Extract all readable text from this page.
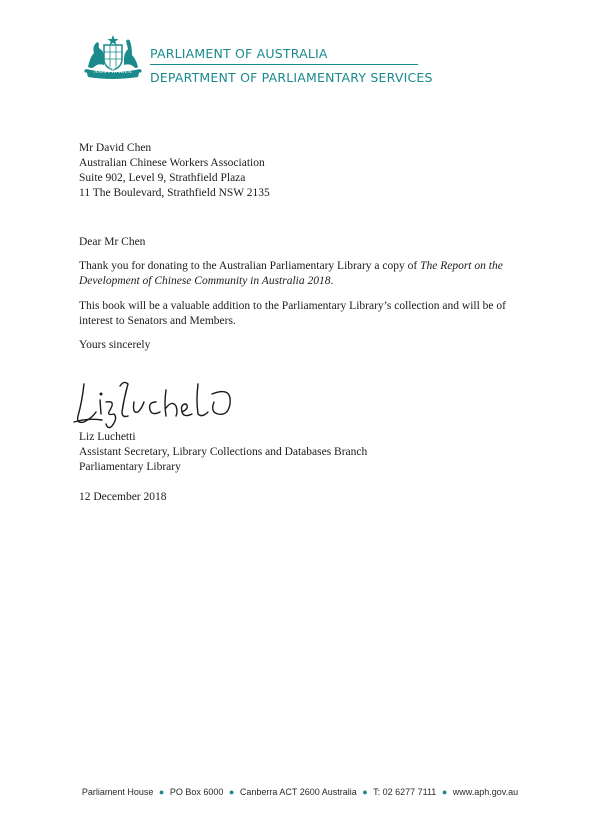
AUSTRALIA
PARLIAMENT OF AUSTRALIA
DEPARTMENT OF PARLIAMENTARY SERVICES
Mr David Chen
Australian Chinese Workers Association
Suite 902, Level 9, Strathfield Plaza
11 The Boulevard, Strathfield NSW 2135
Dear Mr Chen
Thank you for donating to the Australian Parliamentary Library a copy of The Report on the Development of Chinese Community in Australia 2018.
This book will be a valuable addition to the Parliamentary Library’s collection and will be of interest to Senators and Members.
Yours sincerely
Liz Luchetti
Assistant Secretary, Library Collections and Databases Branch
Parliamentary Library
12 December 2018
Parliament House ● PO Box 6000 ● Canberra ACT 2600 Australia ● T: 02 6277 7111 ● www.aph.gov.au
